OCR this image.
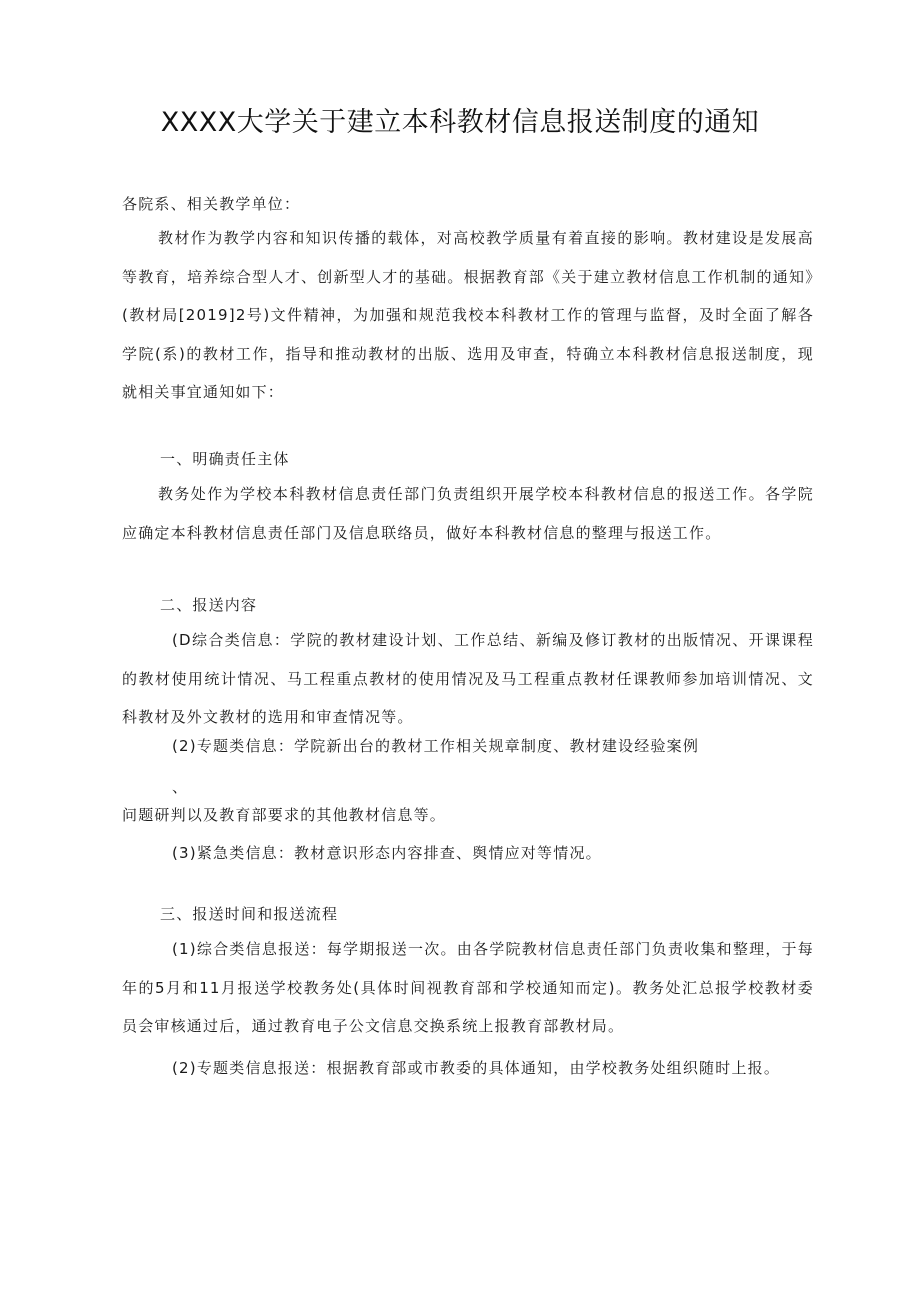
XXXX大学关于建立本科教材信息报送制度的通知
各院系、相关教学单位：
教材作为教学内容和知识传播的载体，对高校教学质量有着直接的影响。教材建设是发展高等教育，培养综合型人才、创新型人才的基础。根据教育部《关于建立教材信息工作机制的通知》(教材局[2019]2号)文件精神，为加强和规范我校本科教材工作的管理与监督，及时全面了解各学院(系)的教材工作，指导和推动教材的出版、选用及审查，特确立本科教材信息报送制度，现就相关事宜通知如下：
一、明确责任主体
教务处作为学校本科教材信息责任部门负责组织开展学校本科教材信息的报送工作。各学院应确定本科教材信息责任部门及信息联络员，做好本科教材信息的整理与报送工作。
二、报送内容
(D综合类信息：学院的教材建设计划、工作总结、新编及修订教材的出版情况、开课课程的教材使用统计情况、马工程重点教材的使用情况及马工程重点教材任课教师参加培训情况、文科教材及外文教材的选用和审查情况等。
(2)专题类信息：学院新出台的教材工作相关规章制度、教材建设经验案例
、
问题研判以及教育部要求的其他教材信息等。
(3)紧急类信息：教材意识形态内容排查、舆情应对等情况。
三、报送时间和报送流程
(1)综合类信息报送：每学期报送一次。由各学院教材信息责任部门负责收集和整理，于每年的5月和11月报送学校教务处(具体时间视教育部和学校通知而定)。教务处汇总报学校教材委员会审核通过后，通过教育电子公文信息交换系统上报教育部教材局。
(2)专题类信息报送：根据教育部或市教委的具体通知，由学校教务处组织随时上报。
